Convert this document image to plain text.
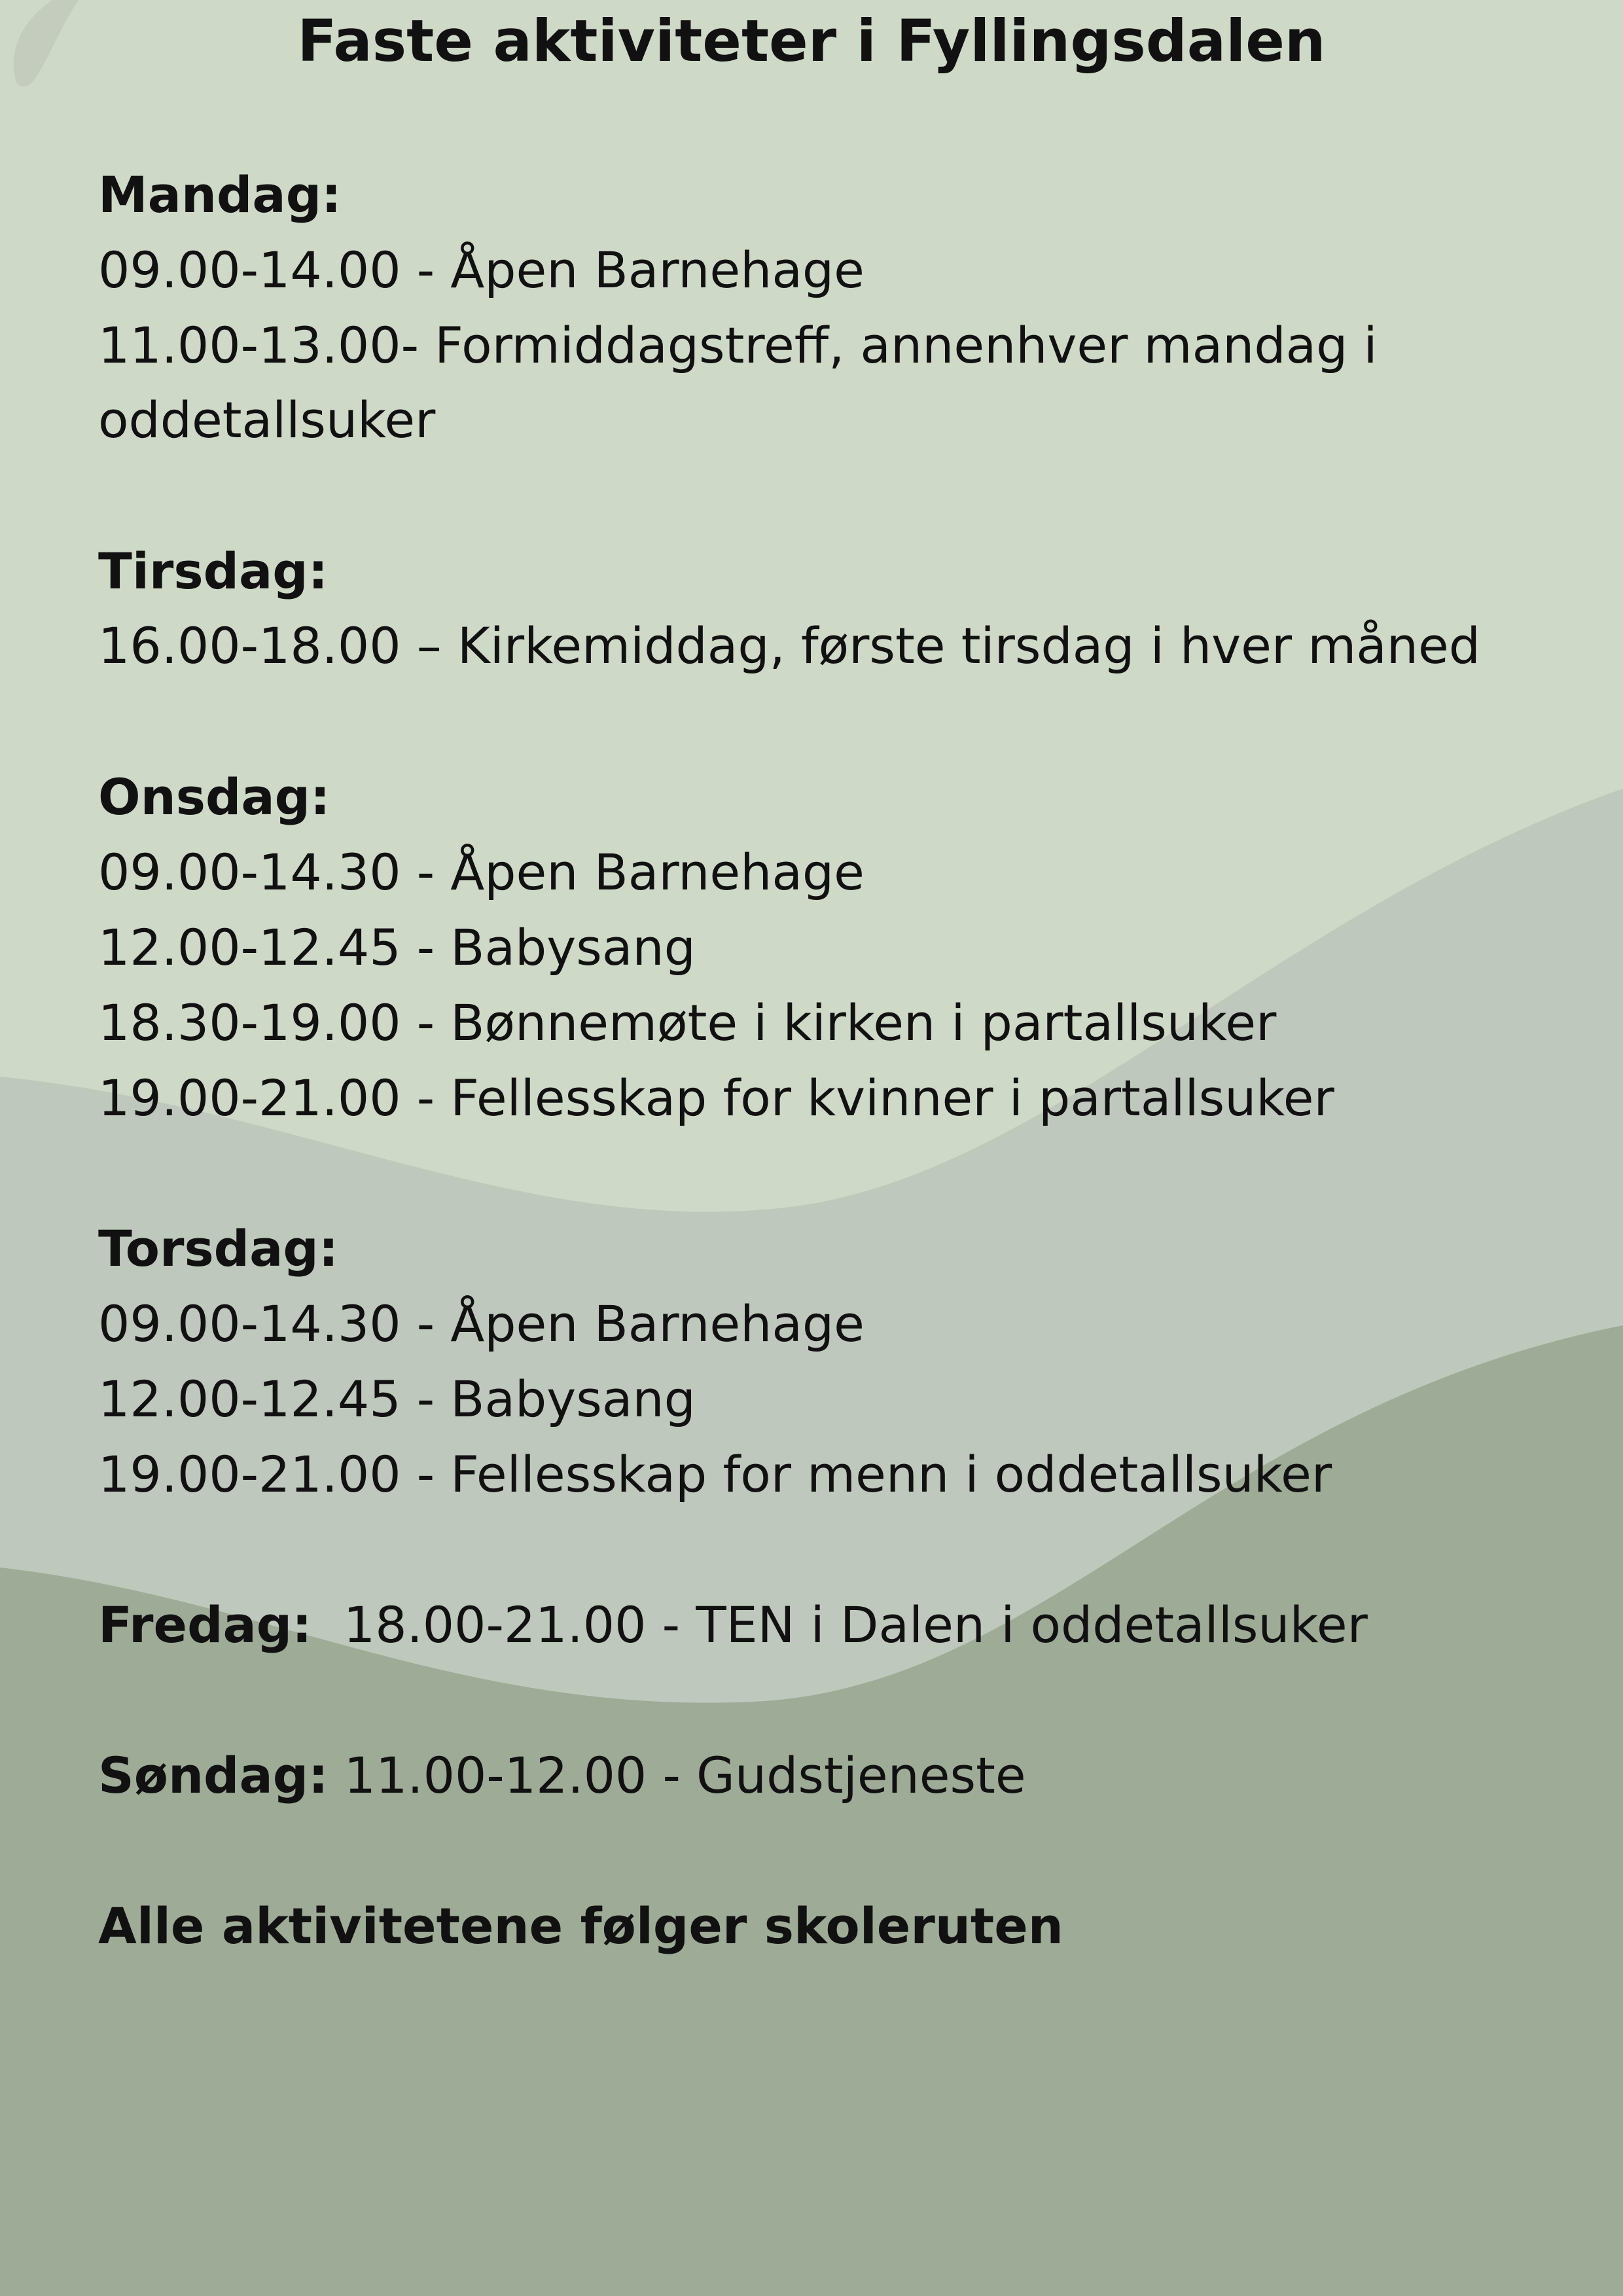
Faste aktiviteter i Fyllingsdalen
Mandag:
09.00-14.00 - Åpen Barnehage
11.00-13.00- Formiddagstreff, annenhver mandag i
oddetallsuker
Tirsdag:
16.00-18.00 – Kirkemiddag, første tirsdag i hver måned
Onsdag:
09.00-14.30 - Åpen Barnehage
12.00-12.45 - Babysang
18.30-19.00 - Bønnemøte i kirken i partallsuker
19.00-21.00 - Fellesskap for kvinner i partallsuker
Torsdag:
09.00-14.30 - Åpen Barnehage
12.00-12.45 - Babysang
19.00-21.00 - Fellesskap for menn i oddetallsuker
Fredag: 18.00-21.00 - TEN i Dalen i oddetallsuker
Søndag: 11.00-12.00 - Gudstjeneste
Alle aktivitetene følger skoleruten
